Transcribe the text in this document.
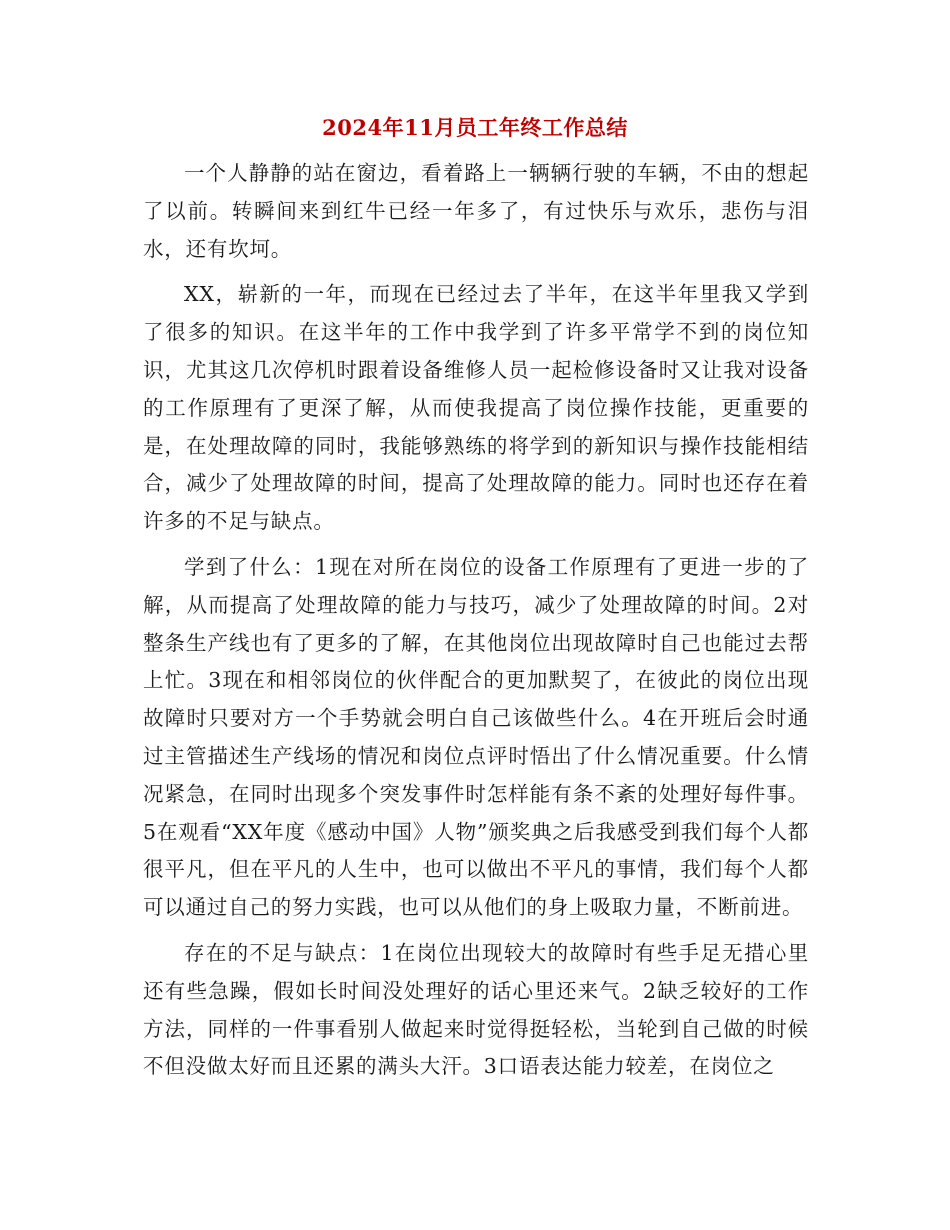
2024年11月员工年终工作总结

一个人静静的站在窗边，看着路上一辆辆行驶的车辆，不由的想起了以前。转瞬间来到红牛已经一年多了，有过快乐与欢乐，悲伤与泪水，还有坎坷。

XX，崭新的一年，而现在已经过去了半年，在这半年里我又学到了很多的知识。在这半年的工作中我学到了许多平常学不到的岗位知识，尤其这几次停机时跟着设备维修人员一起检修设备时又让我对设备的工作原理有了更深了解，从而使我提高了岗位操作技能，更重要的是，在处理故障的同时，我能够熟练的将学到的新知识与操作技能相结合，减少了处理故障的时间，提高了处理故障的能力。同时也还存在着许多的不足与缺点。

学到了什么：1现在对所在岗位的设备工作原理有了更进一步的了解，从而提高了处理故障的能力与技巧，减少了处理故障的时间。2对整条生产线也有了更多的了解，在其他岗位出现故障时自己也能过去帮上忙。3现在和相邻岗位的伙伴配合的更加默契了，在彼此的岗位出现故障时只要对方一个手势就会明白自己该做些什么。4在开班后会时通过主管描述生产线场的情况和岗位点评时悟出了什么情况重要。什么情况紧急，在同时出现多个突发事件时怎样能有条不紊的处理好每件事。5在观看“XX年度《感动中国》人物”颁奖典之后我感受到我们每个人都很平凡，但在平凡的人生中，也可以做出不平凡的事情，我们每个人都可以通过自己的努力实践，也可以从他们的身上吸取力量，不断前进。

存在的不足与缺点：1在岗位出现较大的故障时有些手足无措心里还有些急躁，假如长时间没处理好的话心里还来气。2缺乏较好的工作方法，同样的一件事看别人做起来时觉得挺轻松，当轮到自己做的时候不但没做太好而且还累的满头大汗。3口语表达能力较差，在岗位之
